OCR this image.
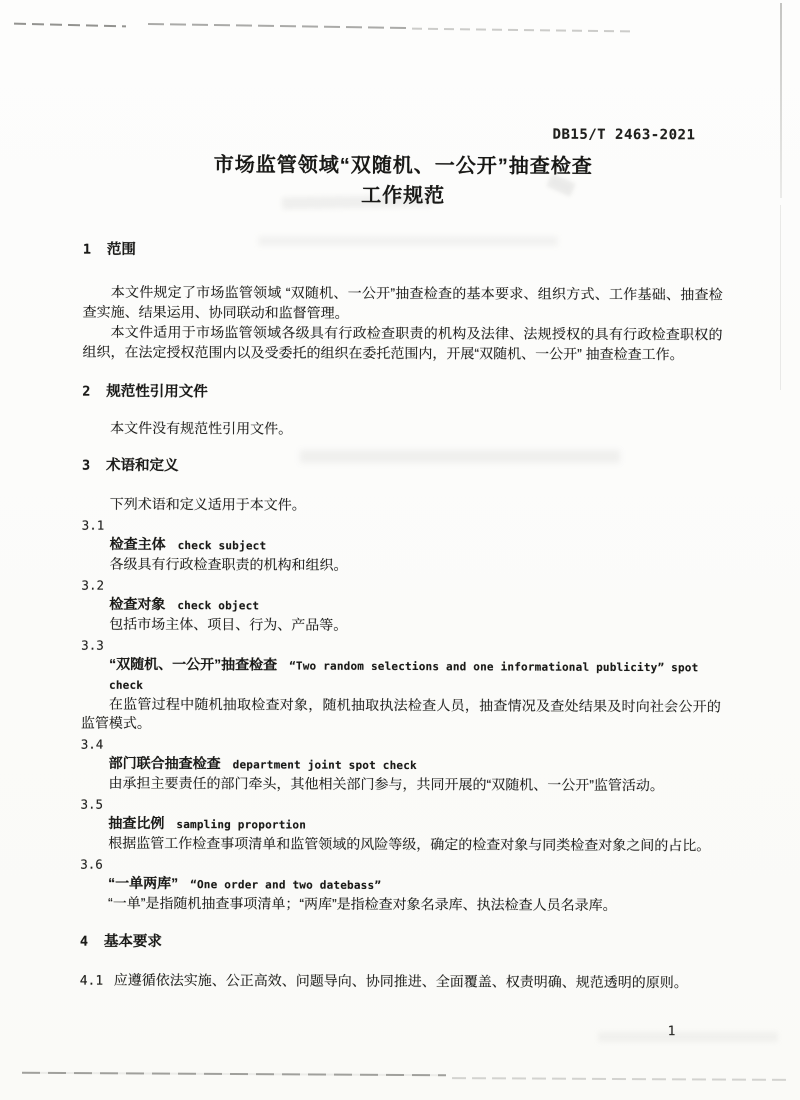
DB15/T 2463-2021
市场监管领域“双随机、一公开”抽查检查
工作规范
1 范围

本文件规定了市场监管领域 “双随机、一公开”抽查检查的基本要求、组织方式、工作基础、抽查检查实施、结果运用、协同联动和监督管理。

本文件适用于市场监管领域各级具有行政检查职责的机构及法律、法规授权的具有行政检查职权的组织，在法定授权范围内以及受委托的组织在委托范围内，开展“双随机、一公开” 抽查检查工作。

2 规范性引用文件

本文件没有规范性引用文件。

3 术语和定义

下列术语和定义适用于本文件。

3.1
检查主体 check subject

各级具有行政检查职责的机构和组织。

3.2
检查对象 check object

包括市场主体、项目、行为、产品等。

3.3
“双随机、一公开”抽查检查 “Two random selections and one informational publicity” spot check

在监管过程中随机抽取检查对象，随机抽取执法检查人员，抽查情况及查处结果及时向社会公开的监管模式。

3.4
部门联合抽查检查 department joint spot check

由承担主要责任的部门牵头，其他相关部门参与，共同开展的“双随机、一公开”监管活动。

3.5
抽查比例 sampling proportion

根据监管工作检查事项清单和监管领域的风险等级，确定的检查对象与同类检查对象之间的占比。

3.6
“一单两库” “One order and two datebass”

“一单”是指随机抽查事项清单；“两库”是指检查对象名录库、执法检查人员名录库。

4 基本要求

4.1 应遵循依法实施、公正高效、问题导向、协同推进、全面覆盖、权责明确、规范透明的原则。

1
